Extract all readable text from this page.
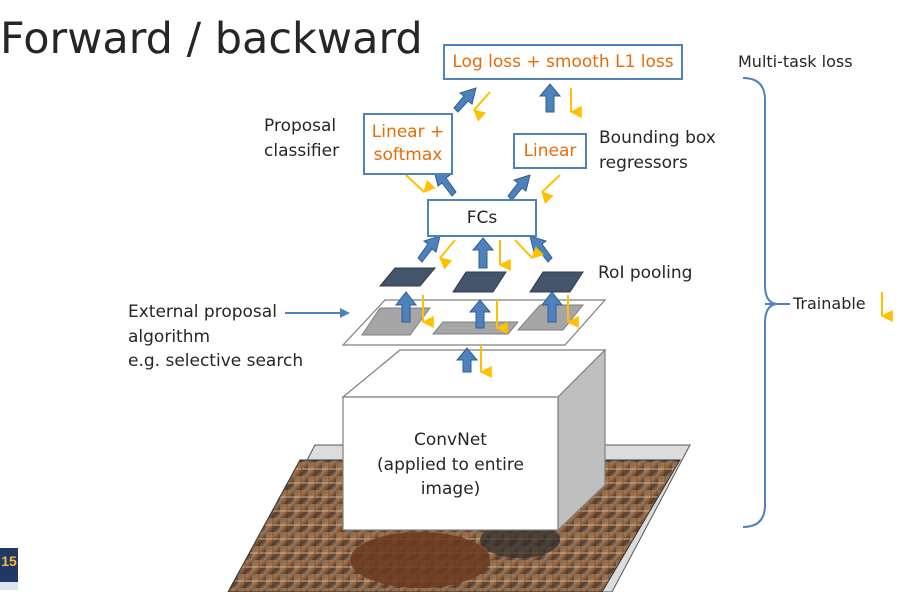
Forward / backward Log loss + smooth L1 loss
Linear +
softmax	Linear
FCs
Proposal
classifier
Bounding box
regressors
RoI pooling
External proposal
algorithm
e.g. selective search
Multi-task loss
Trainable
ConvNet
(applied to entire
image)
15
